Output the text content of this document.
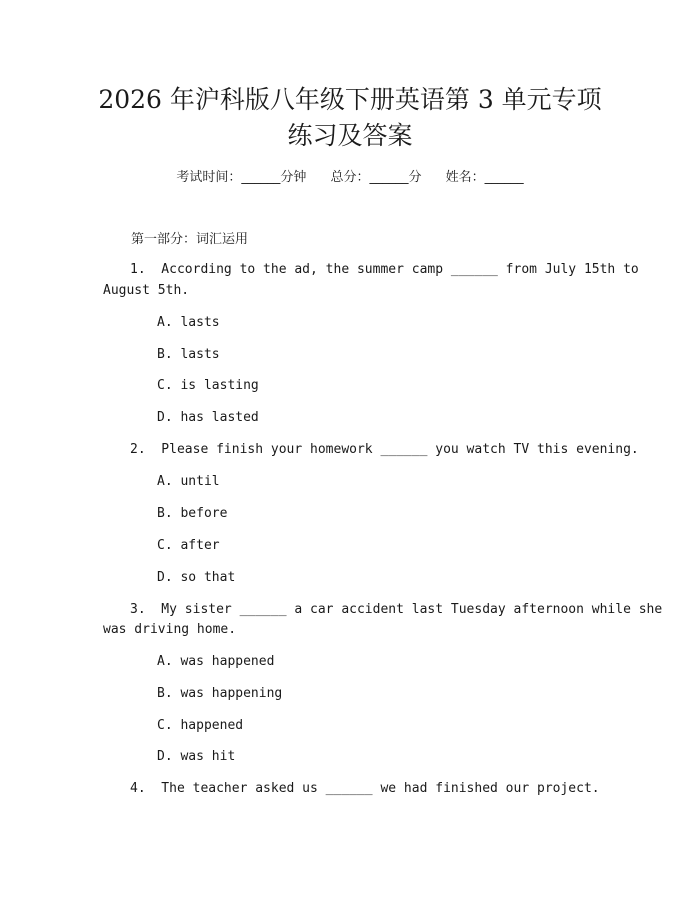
2026 年沪科版八年级下册英语第 3 单元专项
练习及答案
考试时间：______分钟 总分：______分 姓名：______
第一部分：词汇运用
1.  According to the ad, the summer camp ______ from July 15th to
August 5th.
A. lasts
B. lasts
C. is lasting
D. has lasted
2.  Please finish your homework ______ you watch TV this evening.
A. until
B. before
C. after
D. so that
3.  My sister ______ a car accident last Tuesday afternoon while she
was driving home.
A. was happened
B. was happening
C. happened
D. was hit
4.  The teacher asked us ______ we had finished our project.
